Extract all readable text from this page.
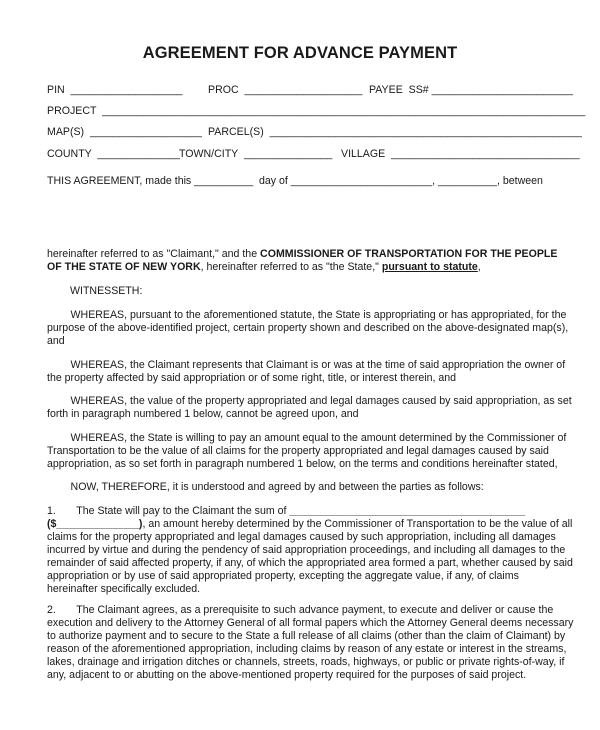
AGREEMENT FOR ADVANCE PAYMENT
PIN  ___________________ PROC  ____________________ PAYEE  SS# ________________________
PROJECT  __________________________________________________________________________________
MAP(S)  ___________________ PARCEL(S)  _____________________________________________________
COUNTY  ______________ TOWN/CITY  _______________ VILLAGE  ________________________________
THIS AGREEMENT, made this __________  day of ________________________, __________, between
hereinafter referred to as "Claimant," and the COMMISSIONER OF TRANSPORTATION FOR THE PEOPLE
OF THE STATE OF NEW YORK, hereinafter referred to as "the State," pursuant to statute,
WITNESSETH:
WHEREAS, pursuant to the aforementioned statute, the State is appropriating or has appropriated, for the
purpose of the above-identified project, certain property shown and described on the above-designated map(s),
and
WHEREAS, the Claimant represents that Claimant is or was at the time of said appropriation the owner of
the property affected by said appropriation or of some right, title, or interest therein, and
WHEREAS, the value of the property appropriated and legal damages caused by said appropriation, as set
forth in paragraph numbered 1 below, cannot be agreed upon, and
WHEREAS, the State is willing to pay an amount equal to the amount determined by the Commissioner of
Transportation to be the value of all claims for the property appropriated and legal damages caused by said
appropriation, as so set forth in paragraph numbered 1 below, on the terms and conditions hereinafter stated,
NOW, THEREFORE, it is understood and agreed by and between the parties as follows:
1.       The State will pay to the Claimant the sum of ________________________________________
($______________), an amount hereby determined by the Commissioner of Transportation to be the value of all
claims for the property appropriated and legal damages caused by such appropriation, including all damages
incurred by virtue and during the pendency of said appropriation proceedings, and including all damages to the
remainder of said affected property, if any, of which the appropriated area formed a part, whether caused by said
appropriation or by use of said appropriated property, excepting the aggregate value, if any, of claims
hereinafter specifically excluded.
2.       The Claimant agrees, as a prerequisite to such advance payment, to execute and deliver or cause the
execution and delivery to the Attorney General of all formal papers which the Attorney General deems necessary
to authorize payment and to secure to the State a full release of all claims (other than the claim of Claimant) by
reason of the aforementioned appropriation, including claims by reason of any estate or interest in the streams,
lakes, drainage and irrigation ditches or channels, streets, roads, highways, or public or private rights-of-way, if
any, adjacent to or abutting on the above-mentioned property required for the purposes of said project.
